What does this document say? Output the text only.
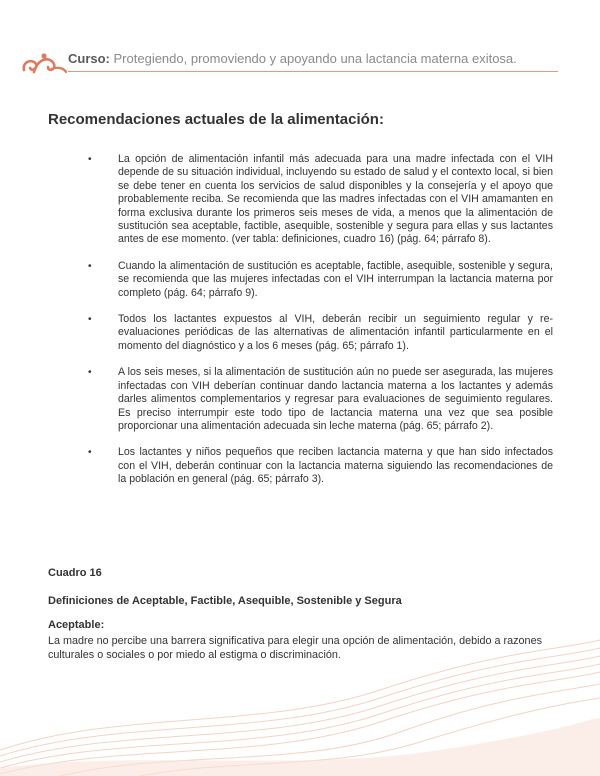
Curso: Protegiendo, promoviendo y apoyando una lactancia materna exitosa.
Recomendaciones actuales de la alimentación:
• La opción de alimentación infantil más adecuada para una madre infectada con el VIH depende de su situación individual, incluyendo su estado de salud y el contexto local, si bien se debe tener en cuenta los servicios de salud disponibles y la consejería y el apoyo que probablemente reciba. Se recomienda que las madres infectadas con el VIH amamanten en forma exclusiva durante los primeros seis meses de vida, a menos que la alimentación de sustitución sea aceptable, factible, asequible, sostenible y segura para ellas y sus lactantes antes de ese momento. (ver tabla: definiciones, cuadro 16) (pág. 64; párrafo 8).
• Cuando la alimentación de sustitución es aceptable, factible, asequible, sostenible y segura, se recomienda que las mujeres infectadas con el VIH interrumpan la lactancia materna por completo (pág. 64; párrafo 9).
• Todos los lactantes expuestos al VIH, deberán recibir un seguimiento regular y re-evaluaciones periódicas de las alternativas de alimentación infantil particularmente en el momento del diagnóstico y a los 6 meses (pág. 65; párrafo 1).
• A los seis meses, si la alimentación de sustitución aún no puede ser asegurada, las mujeres infectadas con VIH deberían continuar dando lactancia materna a los lactantes y además darles alimentos complementarios y regresar para evaluaciones de seguimiento regulares. Es preciso interrumpir este todo tipo de lactancia materna una vez que sea posible proporcionar una alimentación adecuada sin leche materna (pág. 65; párrafo 2).
• Los lactantes y niños pequeños que reciben lactancia materna y que han sido infectados con el VIH, deberán continuar con la lactancia materna siguiendo las recomendaciones de la población en general (pág. 65; párrafo 3).

Cuadro 16

Definiciones de Aceptable, Factible, Asequible, Sostenible y Segura

Aceptable:

La madre no percibe una barrera significativa para elegir una opción de alimentación, debido a razones culturales o sociales o por miedo al estigma o discriminación.
